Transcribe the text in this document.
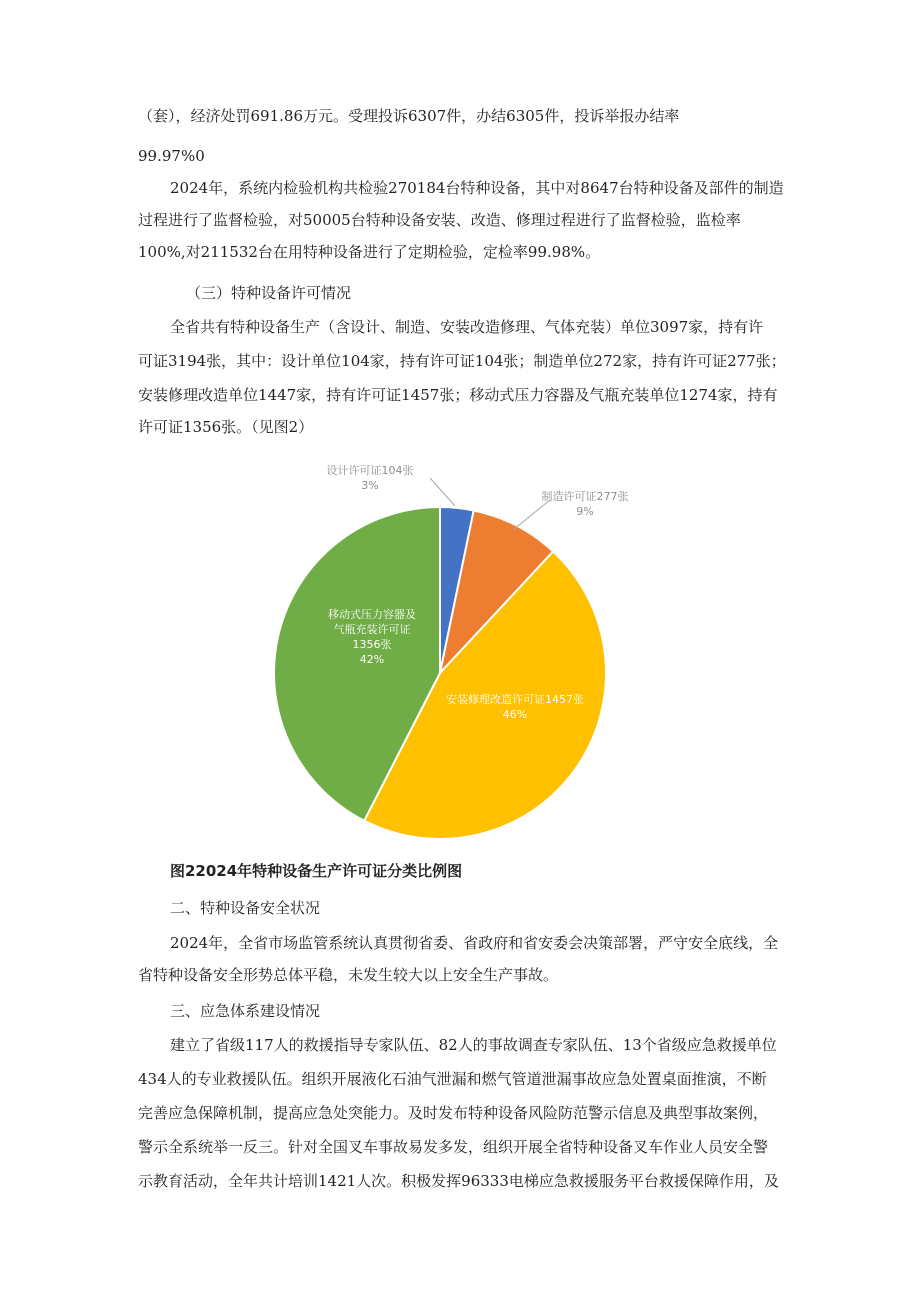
（套），经济处罚691.86万元。受理投诉6307件，办结6305件，投诉举报办结率

99.97%0

2024年，系统内检验机构共检验270184台特种设备，其中对8647台特种设备及部件的制造

过程进行了监督检验，对50005台特种设备安装、改造、修理过程进行了监督检验，监检率

100%,对211532台在用特种设备进行了定期检验，定检率99.98%。

（三）特种设备许可情况

全省共有特种设备生产（含设计、制造、安装改造修理、气体充装）单位3097家，持有许

可证3194张，其中：设计单位104家，持有许可证104张；制造单位272家，持有许可证277张；

安装修理改造单位1447家，持有许可证1457张；移动式压力容器及气瓶充装单位1274家，持有

许可证1356张。（见图2）

设计许可证104张
3%
制造许可证277张
9%
安装修理改造许可证1457张
46%
移动式压力容器及
气瓶充装许可证
1356张
42%
图22024年特种设备生产许可证分类比例图

二、特种设备安全状况

2024年，全省市场监管系统认真贯彻省委、省政府和省安委会决策部署，严守安全底线，全

省特种设备安全形势总体平稳，未发生较大以上安全生产事故。

三、应急体系建设情况

建立了省级117人的救援指导专家队伍、82人的事故调查专家队伍、13个省级应急救援单位

434人的专业救援队伍。组织开展液化石油气泄漏和燃气管道泄漏事故应急处置桌面推演，不断

完善应急保障机制，提高应急处突能力。及时发布特种设备风险防范警示信息及典型事故案例，

警示全系统举一反三。针对全国叉车事故易发多发，组织开展全省特种设备叉车作业人员安全警

示教育活动，全年共计培训1421人次。积极发挥96333电梯应急救援服务平台救援保障作用，及
